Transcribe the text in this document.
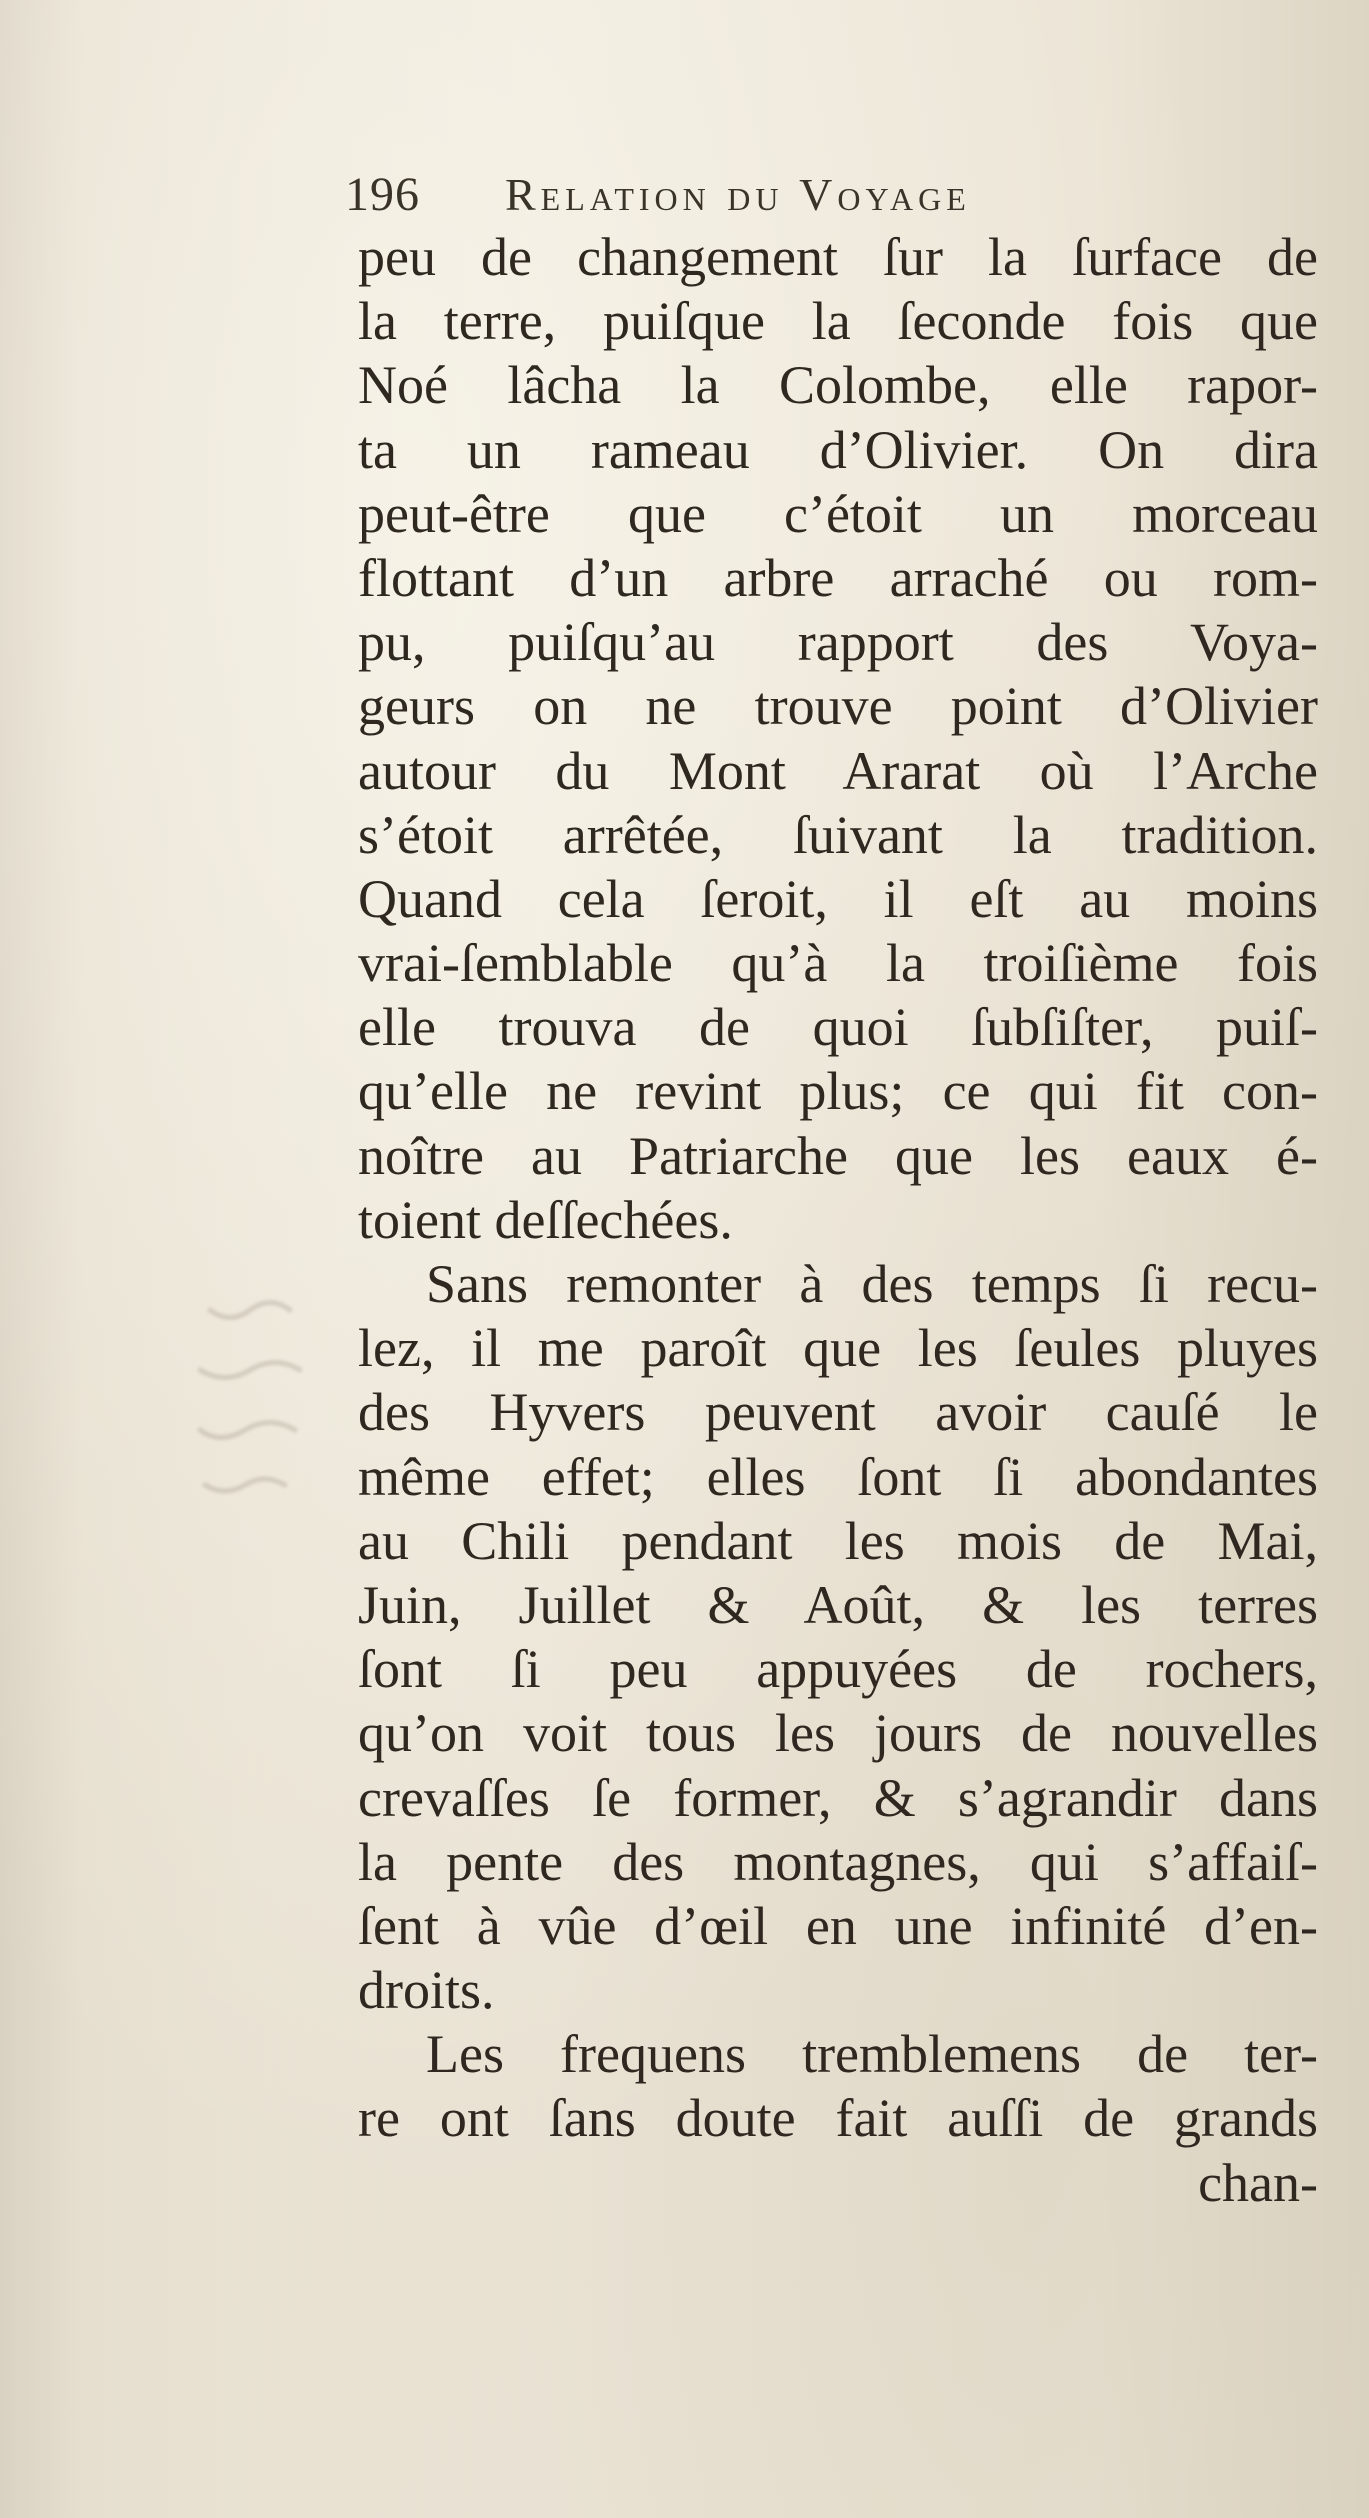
196 Relation du Voyage
peu de changement ſur la ſurface de
la terre, puiſque la ſeconde fois que
Noé lâcha la Colombe, elle rapor-
ta un rameau d’Olivier. On dira
peut-être que c’étoit un morceau
flottant d’un arbre arraché ou rom-
pu, puiſqu’au rapport des Voya-
geurs on ne trouve point d’Olivier
autour du Mont Ararat où l’Arche
s’étoit arrêtée, ſuivant la tradition.
Quand cela ſeroit, il eſt au moins
vrai-ſemblable qu’à la troiſième fois
elle trouva de quoi ſubſiſter, puiſ-
qu’elle ne revint plus; ce qui fit con-
noître au Patriarche que les eaux é-
toient deſſechées.
Sans remonter à des temps ſi recu-
lez, il me paroît que les ſeules pluyes
des Hyvers peuvent avoir cauſé le
même effet; elles ſont ſi abondantes
au Chili pendant les mois de Mai,
Juin, Juillet & Août, & les terres
ſont ſi peu appuyées de rochers,
qu’on voit tous les jours de nouvelles
crevaſſes ſe former, & s’agrandir dans
la pente des montagnes, qui s’affaiſ-
ſent à vûe d’œil en une infinité d’en-
droits.
Les frequens tremblemens de ter-
re ont ſans doute fait auſſi de grands
chan-
